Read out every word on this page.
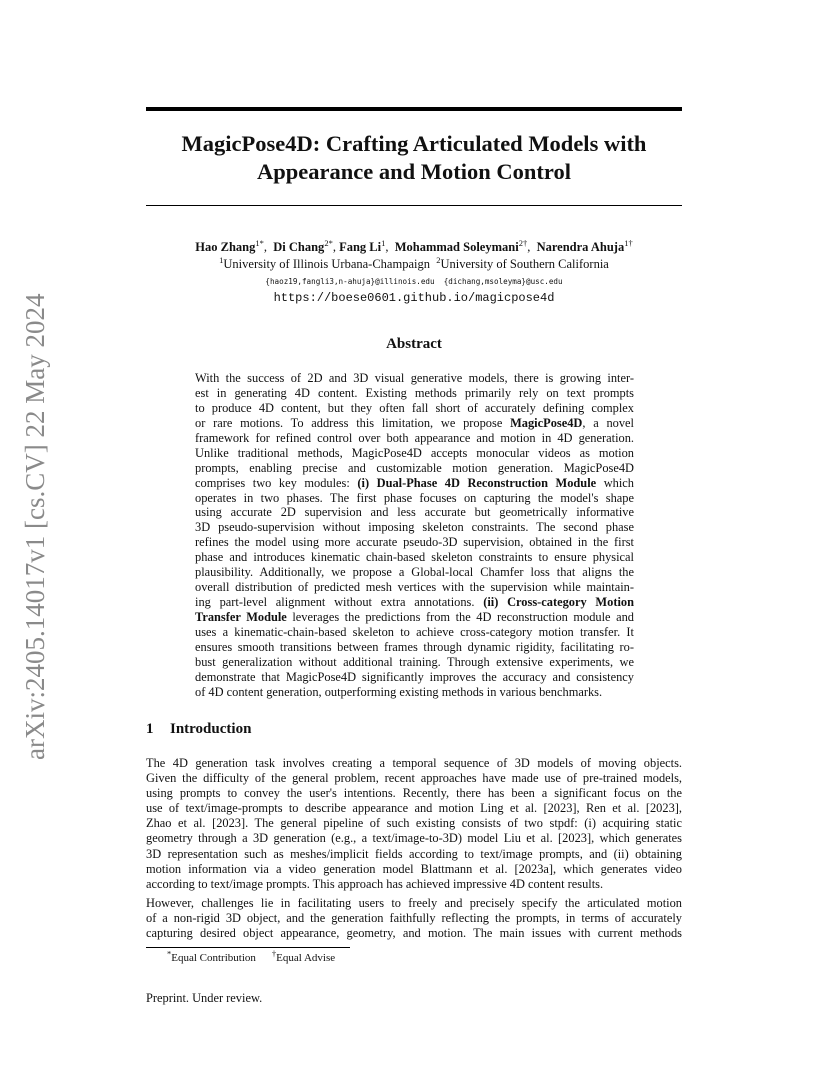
arXiv:2405.14017v1 [cs.CV] 22 May 2024
MagicPose4D: Crafting Articulated Models with
Appearance and Motion Control
Hao Zhang$^{1*}$,  Di Chang$^{2*}$, Fang Li$^1$,  Mohammad Soleymani$^{2\dagger}$,  Narendra Ahuja$^{1\dagger}$
$^1$University of Illinois Urbana-Champaign $^2$University of Southern California
{haoz19,fangli3,n-ahuja}@illinois.edu  {dichang,msoleyma}@usc.edu
https://boese0601.github.io/magicpose4d
Abstract
With the success of 2D and 3D visual generative models, there is growing inter-
est in generating 4D content. Existing methods primarily rely on text prompts
to produce 4D content, but they often fall short of accurately defining complex
or rare motions. To address this limitation, we propose MagicPose4D, a novel
framework for refined control over both appearance and motion in 4D generation.
Unlike traditional methods, MagicPose4D accepts monocular videos as motion
prompts, enabling precise and customizable motion generation. MagicPose4D
comprises two key modules: (i) Dual-Phase 4D Reconstruction Module which
operates in two phases. The first phase focuses on capturing the model's shape
using accurate 2D supervision and less accurate but geometrically informative
3D pseudo-supervision without imposing skeleton constraints. The second phase
refines the model using more accurate pseudo-3D supervision, obtained in the first
phase and introduces kinematic chain-based skeleton constraints to ensure physical
plausibility. Additionally, we propose a Global-local Chamfer loss that aligns the
overall distribution of predicted mesh vertices with the supervision while maintain-
ing part-level alignment without extra annotations. (ii) Cross-category Motion
Transfer Module leverages the predictions from the 4D reconstruction module and
uses a kinematic-chain-based skeleton to achieve cross-category motion transfer. It
ensures smooth transitions between frames through dynamic rigidity, facilitating ro-
bust generalization without additional training. Through extensive experiments, we
demonstrate that MagicPose4D significantly improves the accuracy and consistency
of 4D content generation, outperforming existing methods in various benchmarks.
1 Introduction
The 4D generation task involves creating a temporal sequence of 3D models of moving objects.
Given the difficulty of the general problem, recent approaches have made use of pre-trained models,
using prompts to convey the user's intentions. Recently, there has been a significant focus on the
use of text/image-prompts to describe appearance and motion Ling et al. [2023], Ren et al. [2023],
Zhao et al. [2023]. The general pipeline of such existing consists of two stpdf: (i) acquiring static
geometry through a 3D generation (e.g., a text/image-to-3D) model Liu et al. [2023], which generates
3D representation such as meshes/implicit fields according to text/image prompts, and (ii) obtaining
motion information via a video generation model Blattmann et al. [2023a], which generates video
according to text/image prompts. This approach has achieved impressive 4D content results.
However, challenges lie in facilitating users to freely and precisely specify the articulated motion
of a non-rigid 3D object, and the generation faithfully reflecting the prompts, in terms of accurately
capturing desired object appearance, geometry, and motion. The main issues with current methods
*Equal Contribution †Equal Advise
Preprint. Under review.
